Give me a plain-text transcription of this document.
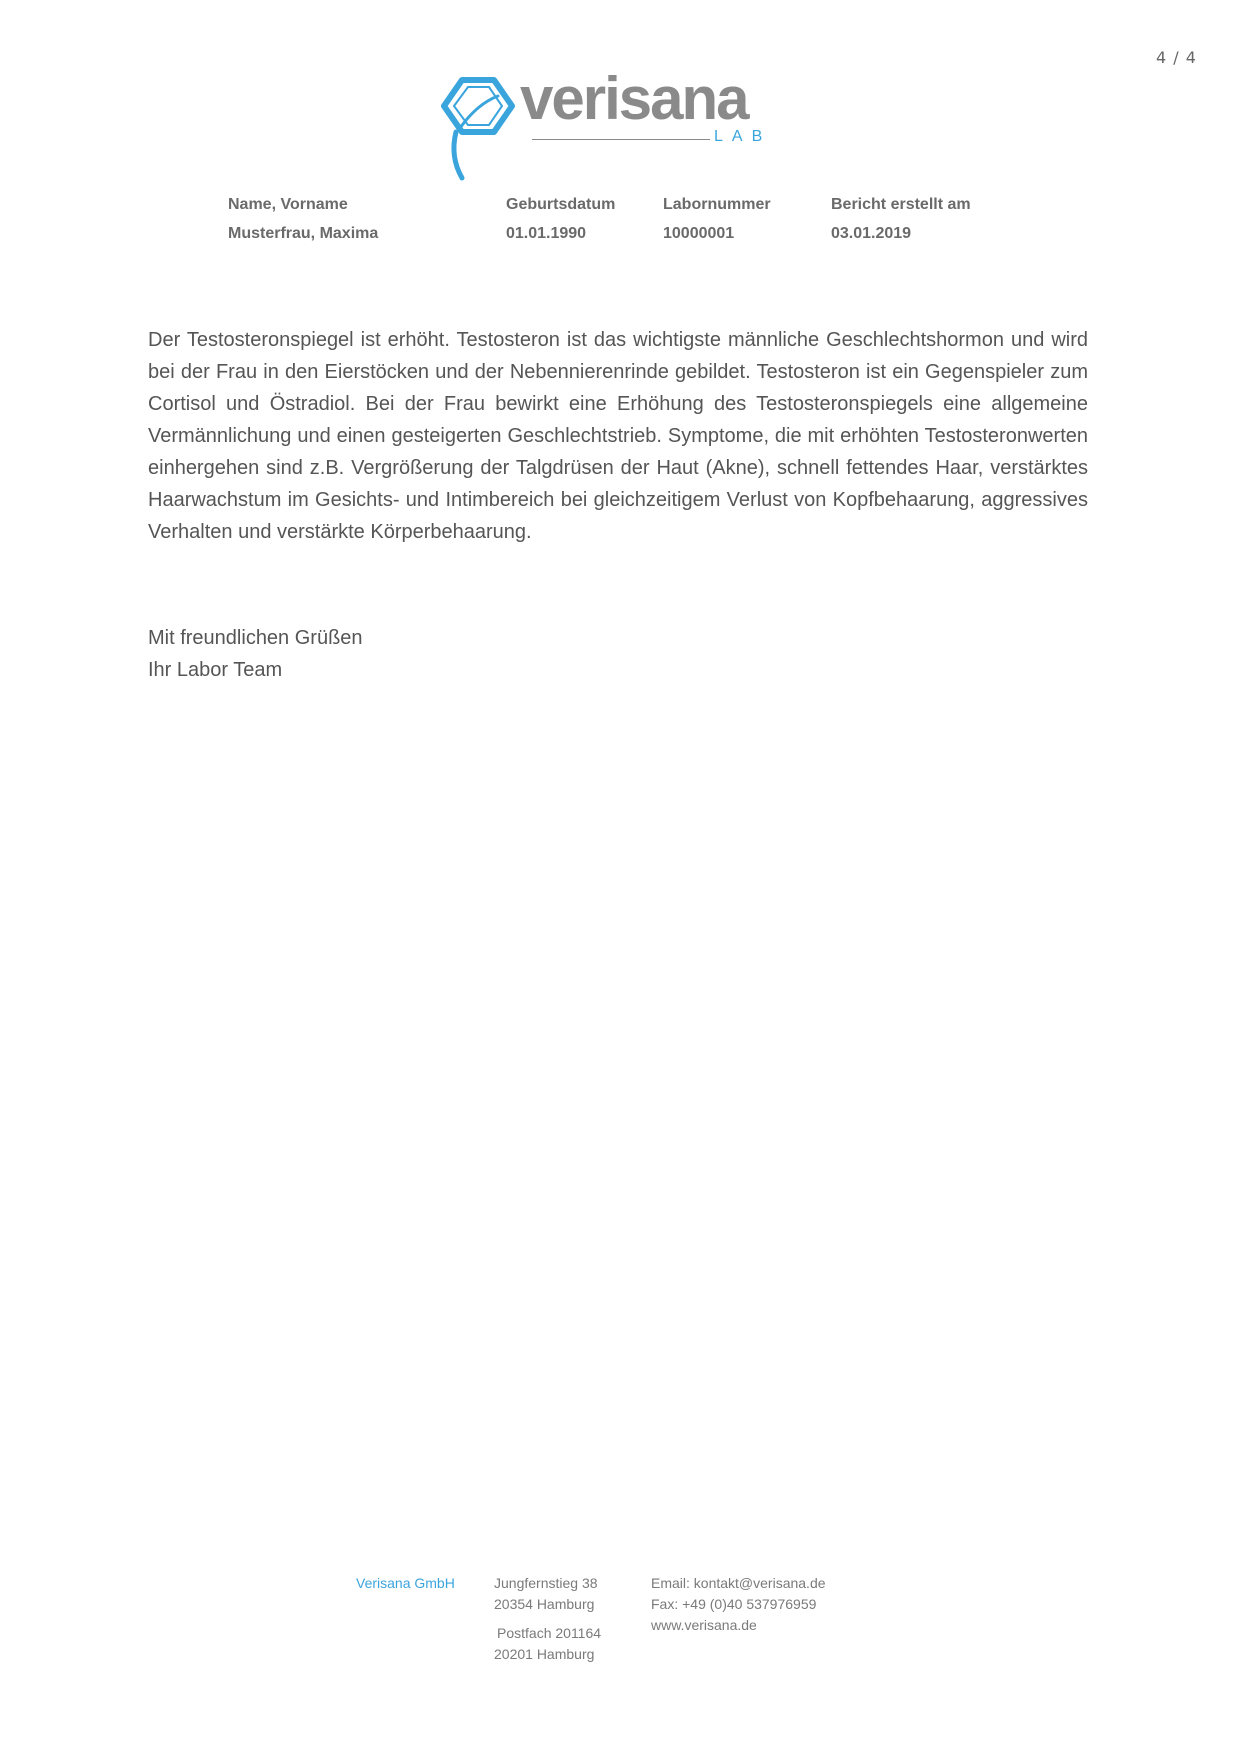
4 / 4
verisana
LAB
Name, Vorname	Geburtsdatum	Labornummer	Bericht erstellt am
Musterfrau, Maxima	01.01.1990	10000001	03.01.2019

Der Testosteronspiegel ist erhöht. Testosteron ist das wichtigste männliche Geschlechtshormon und wird bei der Frau in den Eierstöcken und der Nebennierenrinde gebildet. Testosteron ist ein Gegenspieler zum Cortisol und Östradiol. Bei der Frau bewirkt eine Erhöhung des Testosteronspiegels eine allgemeine Vermännlichung und einen gesteigerten Geschlechtstrieb. Symptome, die mit erhöhten Testosteronwerten einhergehen sind z.B. Vergrößerung der Talgdrüsen der Haut (Akne), schnell fettendes Haar, verstärktes Haarwachstum im Gesichts- und Intimbereich bei gleichzeitigem Verlust von Kopfbehaarung, aggressives Verhalten und verstärkte Körperbehaarung.

Mit freundlichen Grüßen
Ihr Labor Team
Verisana GmbH	Jungfernstieg 38
20354 Hamburg
Postfach 201164
20201 Hamburg
Email: kontakt@verisana.de
Fax: +49 (0)40 537976959
www.verisana.de
